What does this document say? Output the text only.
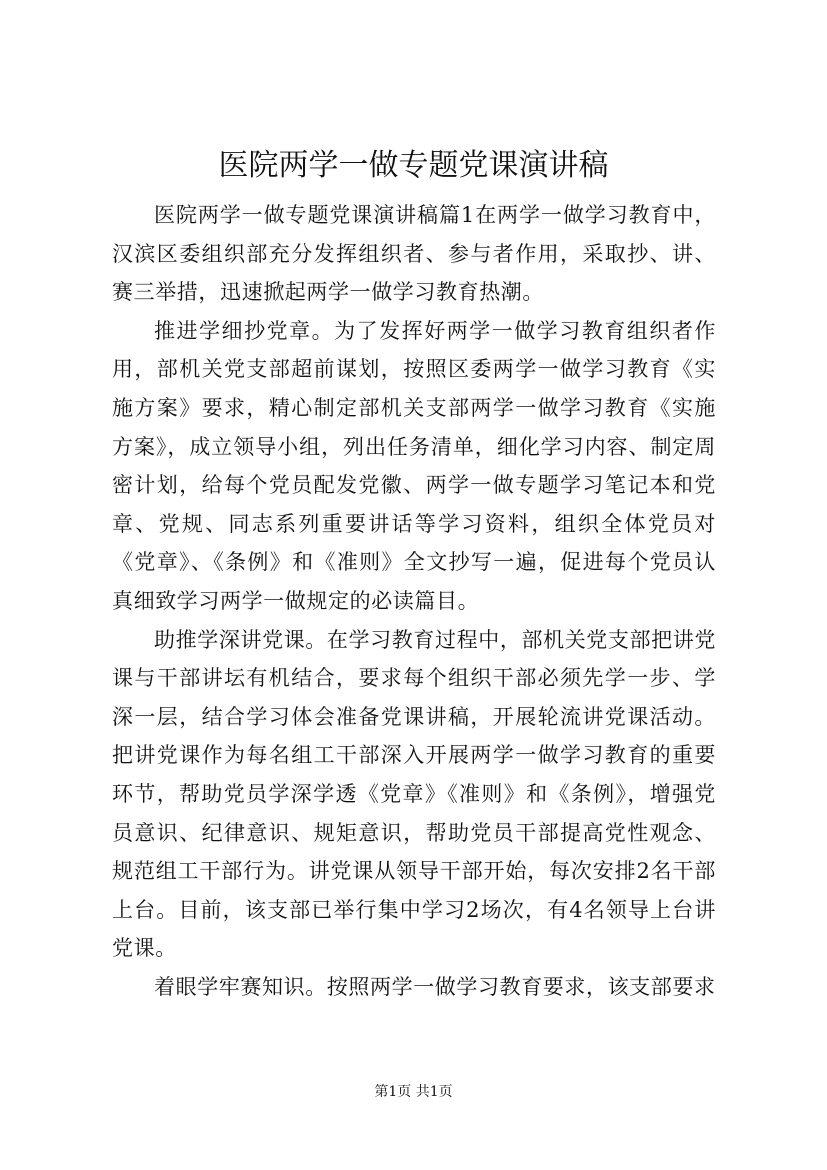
医院两学一做专题党课演讲稿

医院两学一做专题党课演讲稿篇1在两学一做学习教育中，汉滨区委组织部充分发挥组织者、参与者作用，采取抄、讲、赛三举措，迅速掀起两学一做学习教育热潮。

推进学细抄党章。为了发挥好两学一做学习教育组织者作用，部机关党支部超前谋划，按照区委两学一做学习教育《实施方案》要求，精心制定部机关支部两学一做学习教育《实施方案》，成立领导小组，列出任务清单，细化学习内容、制定周密计划，给每个党员配发党徽、两学一做专题学习笔记本和党章、党规、同志系列重要讲话等学习资料，组织全体党员对《党章》、《条例》和《准则》全文抄写一遍，促进每个党员认真细致学习两学一做规定的必读篇目。

助推学深讲党课。在学习教育过程中，部机关党支部把讲党课与干部讲坛有机结合，要求每个组织干部必须先学一步、学深一层，结合学习体会准备党课讲稿，开展轮流讲党课活动。把讲党课作为每名组工干部深入开展两学一做学习教育的重要环节，帮助党员学深学透《党章》《准则》和《条例》，增强党员意识、纪律意识、规矩意识，帮助党员干部提高党性观念、规范组工干部行为。讲党课从领导干部开始，每次安排2名干部上台。目前，该支部已举行集中学习2场次，有4名领导上台讲党课。

着眼学牢赛知识。按照两学一做学习教育要求，该支部要求

第1页 共1页
